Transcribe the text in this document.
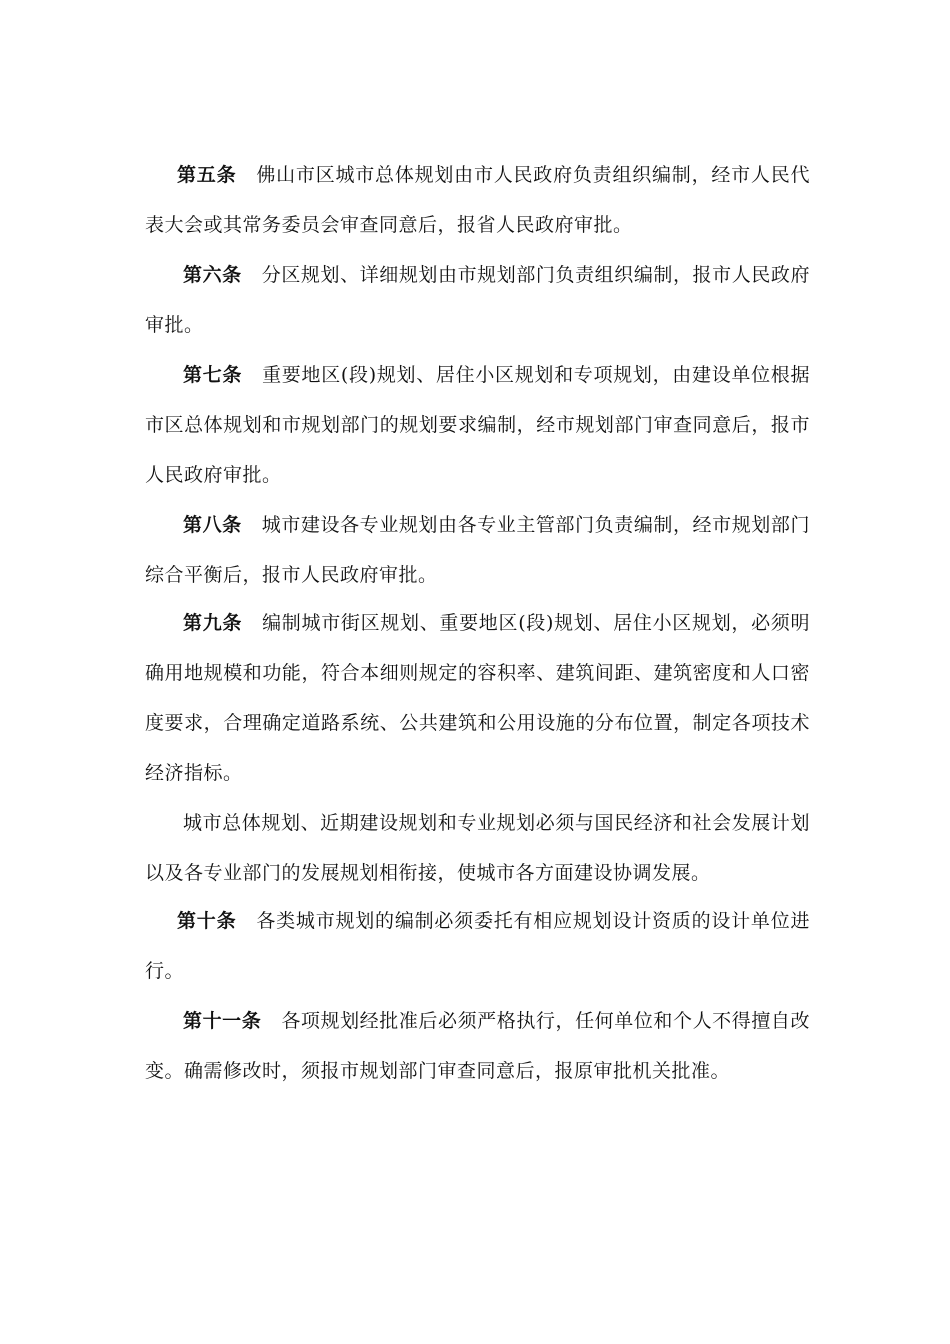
第五条 佛山市区城市总体规划由市人民政府负责组织编制，经市人民代表大会或其常务委员会审查同意后，报省人民政府审批。

第六条 分区规划、详细规划由市规划部门负责组织编制，报市人民政府审批。

第七条 重要地区(段)规划、居住小区规划和专项规划，由建设单位根据市区总体规划和市规划部门的规划要求编制，经市规划部门审查同意后，报市人民政府审批。

第八条 城市建设各专业规划由各专业主管部门负责编制，经市规划部门综合平衡后，报市人民政府审批。

第九条 编制城市街区规划、重要地区(段)规划、居住小区规划，必须明确用地规模和功能，符合本细则规定的容积率、建筑间距、建筑密度和人口密度要求，合理确定道路系统、公共建筑和公用设施的分布位置，制定各项技术经济指标。

城市总体规划、近期建设规划和专业规划必须与国民经济和社会发展计划以及各专业部门的发展规划相衔接，使城市各方面建设协调发展。

第十条 各类城市规划的编制必须委托有相应规划设计资质的设计单位进行。

第十一条 各项规划经批准后必须严格执行，任何单位和个人不得擅自改变。确需修改时，须报市规划部门审查同意后，报原审批机关批准。
